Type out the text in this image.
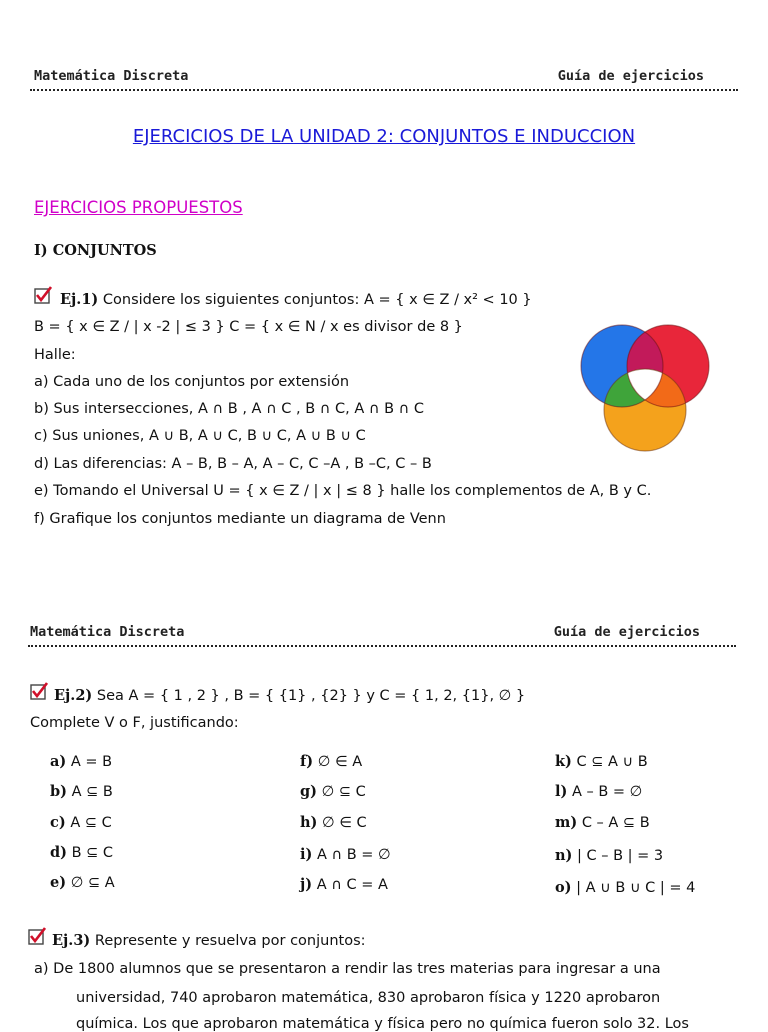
Matemática Discreta	Guía de ejercicios
EJERCICIOS DE LA UNIDAD 2: CONJUNTOS E INDUCCION
EJERCICIOS PROPUESTOS
I) CONJUNTOS
Ej.1) Considere los siguientes conjuntos: A = { x ∈ Z / x² < 10 }
B = { x ∈ Z / | x -2 | ≤ 3 } C = { x ∈ N / x es divisor de 8 }
Halle:
a) Cada uno de los conjuntos por extensión
b) Sus intersecciones, A ∩ B , A ∩ C , B ∩ C, A ∩ B ∩ C
c) Sus uniones, A ∪ B, A ∪ C, B ∪ C, A ∪ B ∪ C
d) Las diferencias: A – B, B – A, A – C, C –A , B –C, C – B
e) Tomando el Universal U = { x ∈ Z / | x | ≤ 8 } halle los complementos de A, B y C.
f) Grafique los conjuntos mediante un diagrama de Venn
Matemática Discreta	Guía de ejercicios
Ej.2) Sea A = { 1 , 2 } , B = { {1} , {2} } y C = { 1, 2, {1}, ∅ }
Complete V o F, justificando:
a) A = B
b) A ⊆ B
c) A ⊆ C
d) B ⊆ C
e) ∅ ⊆ A
f) ∅ ∈ A
g) ∅ ⊆ C
h) ∅ ∈ C
i) A ∩ B = ∅
j) A ∩ C = A
k) C ⊆ A ∪ B
l) A – B = ∅
m) C – A ⊆ B
n) | C – B | = 3
o) | A ∪ B ∪ C | = 4
Ej.3) Represente y resuelva por conjuntos:
a) De 1800 alumnos que se presentaron a rendir las tres materias para ingresar a una
universidad, 740 aprobaron matemática, 830 aprobaron física y 1220 aprobaron
química. Los que aprobaron matemática y física pero no química fueron solo 32. Los
